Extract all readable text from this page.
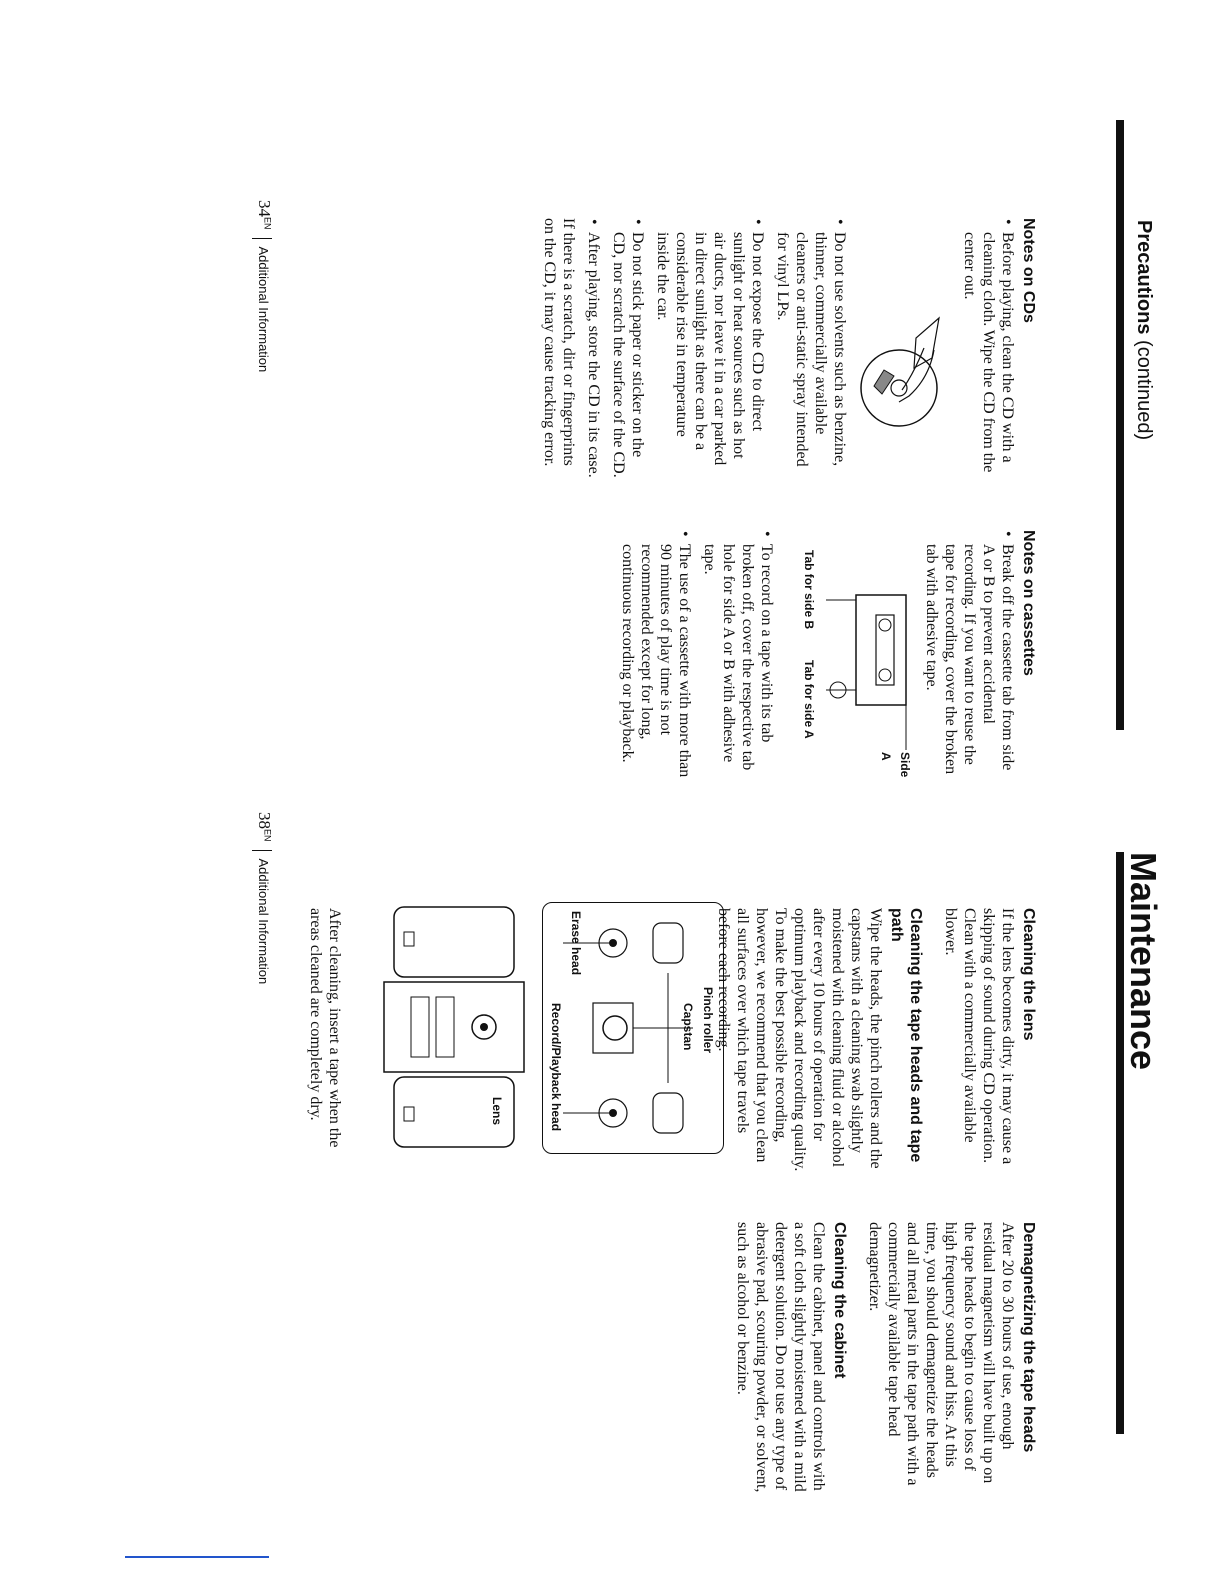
Precautions (continued)
Notes on CDs
• Before playing, clean the CD with a cleaning cloth. Wipe the CD from the center out.
• Do not use solvents such as benzine, thinner, commercially available cleaners or anti-static spray intended for vinyl LPs.
• Do not expose the CD to direct sunlight or heat sources such as hot air ducts, nor leave it in a car parked in direct sunlight as there can be a considerable rise in temperature inside the car.
• Do not stick paper or sticker on the CD, nor scratch the surface of the CD.
• After playing, store the CD in its case.

If there is a scratch, dirt or fingerprints on the CD, it may cause tracking error.

Notes on cassettes
• Break off the cassette tab from side A or B to prevent accidental recording. If you want to reuse the tape for recording, cover the broken tab with adhesive tape.
Side A
Tab for side B
Tab for side A
• To record on a tape with its tab broken off, cover the respective tab hole for side A or B with adhesive tape.
• The use of a cassette with more than 90 minutes of play time is not recommended except for long, continuous recording or playback.
$34^{EN}Additional$ Information
Maintenance
Cleaning the lens

If the lens becomes dirty, it may cause a skipping of sound during CD operation. Clean with a commercially available blower.

Cleaning the tape heads and tape path

Wipe the heads, the pinch rollers and the capstans with a cleaning swab slightly moistened with cleaning fluid or alcohol after every 10 hours of operation for optimum playback and recording quality. To make the best possible recording, however, we recommend that you clean all surfaces over which tape travels before each recording.

Pinch roller
Capstan
Erase head
Record/Playback head
Lens

After cleaning, insert a tape when the areas cleaned are completely dry.

Demagnetizing the tape heads

After 20 to 30 hours of use, enough residual magnetism will have built up on the tape heads to begin to cause loss of high frequency sound and hiss. At this time, you should demagnetize the heads and all metal parts in the tape path with a commercially available tape head demagnetizer.

Cleaning the cabinet

Clean the cabinet, panel and controls with a soft cloth slightly moistened with a mild detergent solution. Do not use any type of abrasive pad, scouring powder, or solvent, such as alcohol or benzine.

$38^{EN}Additional$ Information
